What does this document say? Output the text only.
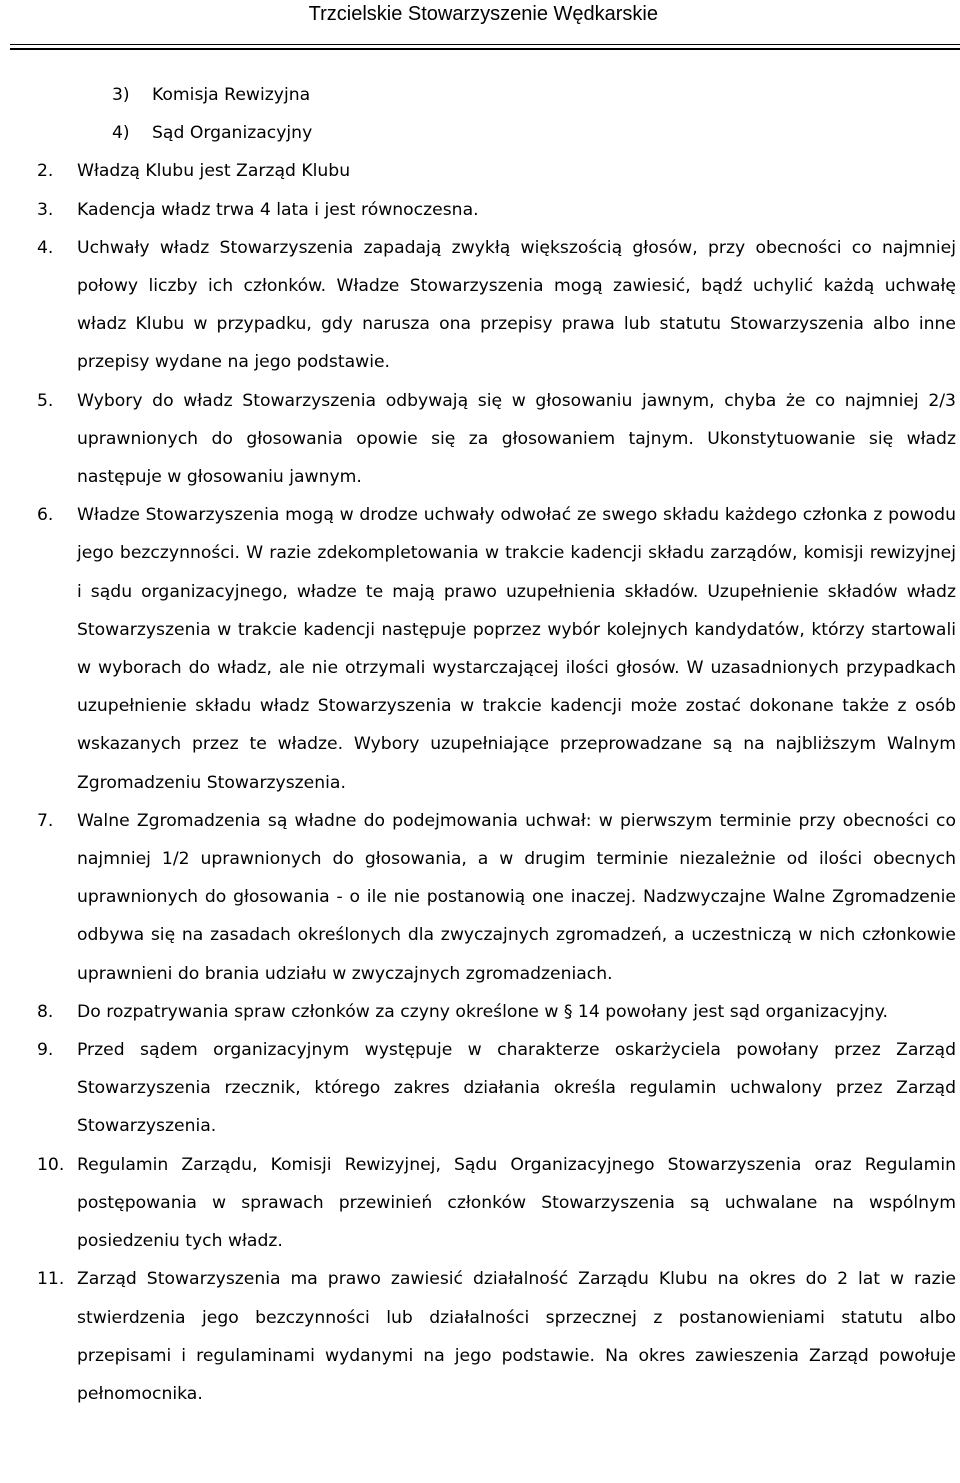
Trzcielskie Stowarzyszenie Wędkarskie
3) Komisja Rewizyjna
4) Sąd Organizacyjny
2. Władzą Klubu jest Zarząd Klubu
3. Kadencja władz trwa 4 lata i jest równoczesna.
4. Uchwały władz Stowarzyszenia zapadają zwykłą większością głosów, przy obecności co najmniej połowy liczby ich członków. Władze Stowarzyszenia mogą zawiesić, bądź uchylić każdą uchwałę władz Klubu w przypadku, gdy narusza ona przepisy prawa lub statutu Stowarzyszenia albo inne przepisy wydane na jego podstawie.
5. Wybory do władz Stowarzyszenia odbywają się w głosowaniu jawnym, chyba że co najmniej 2/3 uprawnionych do głosowania opowie się za głosowaniem tajnym. Ukonstytuowanie się władz następuje w głosowaniu jawnym.
6. Władze Stowarzyszenia mogą w drodze uchwały odwołać ze swego składu każdego członka z powodu jego bezczynności. W razie zdekompletowania w trakcie kadencji składu zarządów, komisji rewizyjnej i sądu organizacyjnego, władze te mają prawo uzupełnienia składów. Uzupełnienie składów władz Stowarzyszenia w trakcie kadencji następuje poprzez wybór kolejnych kandydatów, którzy startowali w wyborach do władz, ale nie otrzymali wystarczającej ilości głosów. W uzasadnionych przypadkach uzupełnienie składu władz Stowarzyszenia w trakcie kadencji może zostać dokonane także z osób wskazanych przez te władze. Wybory uzupełniające przeprowadzane są na najbliższym Walnym Zgromadzeniu Stowarzyszenia.
7. Walne Zgromadzenia są władne do podejmowania uchwał: w pierwszym terminie przy obecności co najmniej 1/2 uprawnionych do głosowania, a w drugim terminie niezależnie od ilości obecnych uprawnionych do głosowania - o ile nie postanowią one inaczej. Nadzwyczajne Walne Zgromadzenie odbywa się na zasadach określonych dla zwyczajnych zgromadzeń, a uczestniczą w nich członkowie uprawnieni do brania udziału w zwyczajnych zgromadzeniach.
8. Do rozpatrywania spraw członków za czyny określone w § 14 powołany jest sąd organizacyjny.
9. Przed sądem organizacyjnym występuje w charakterze oskarżyciela powołany przez Zarząd Stowarzyszenia rzecznik, którego zakres działania określa regulamin uchwalony przez Zarząd Stowarzyszenia.
10. Regulamin Zarządu, Komisji Rewizyjnej, Sądu Organizacyjnego Stowarzyszenia oraz Regulamin postępowania w sprawach przewinień członków Stowarzyszenia są uchwalane na wspólnym posiedzeniu tych władz.
11. Zarząd Stowarzyszenia ma prawo zawiesić działalność Zarządu Klubu na okres do 2 lat w razie stwierdzenia jego bezczynności lub działalności sprzecznej z postanowieniami statutu albo przepisami i regulaminami wydanymi na jego podstawie. Na okres zawieszenia Zarząd powołuje pełnomocnika.
